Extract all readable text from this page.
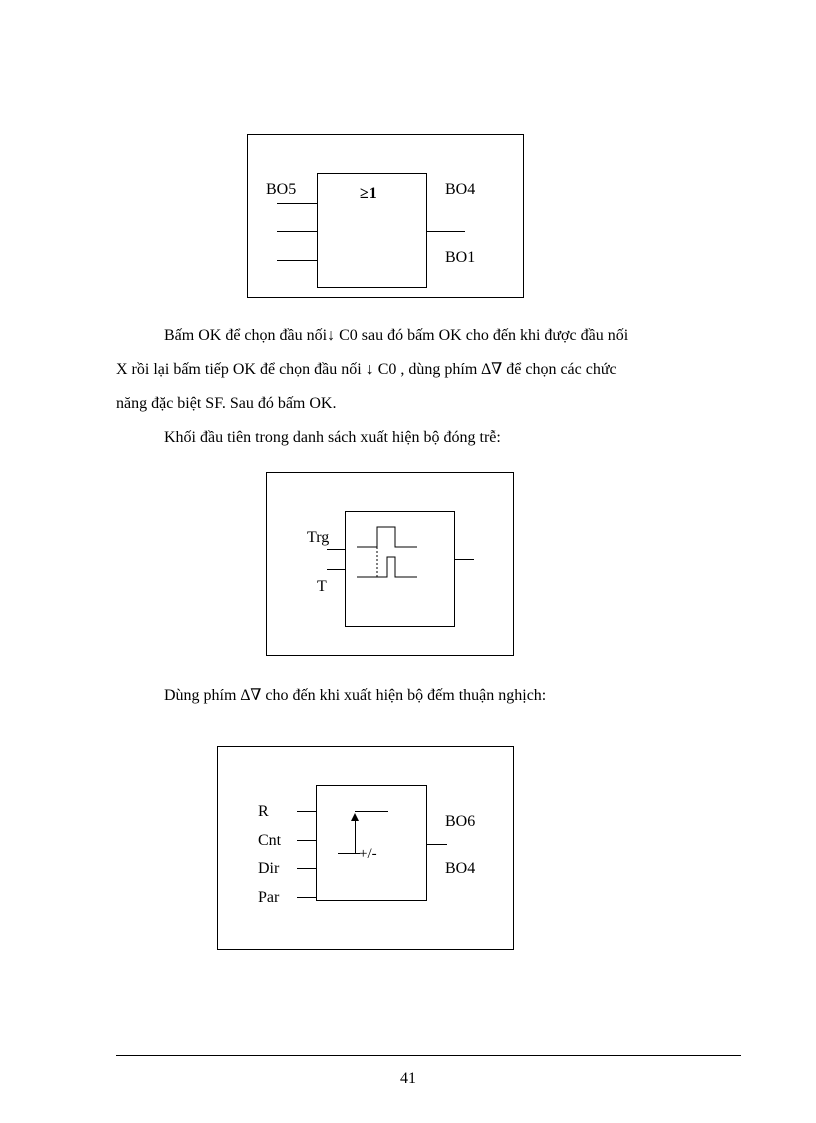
≥1
BO5	BO4
BO1
Bấm OK để chọn đầu nối↓ C0 sau đó bấm OK cho đến khi được đầu nối
X rồi lại bấm tiếp OK để chọn đầu nối ↓ C0 , dùng phím ∆∇ để chọn các chức
năng đặc biệt SF. Sau đó bấm OK.
Khối đầu tiên trong danh sách xuất hiện bộ đóng trễ:
Trg
T
Dùng phím ∆∇ cho đến khi xuất hiện bộ đếm thuận nghịch:
R
Cnt
Dir
Par
BO6
BO4
+/-
41
